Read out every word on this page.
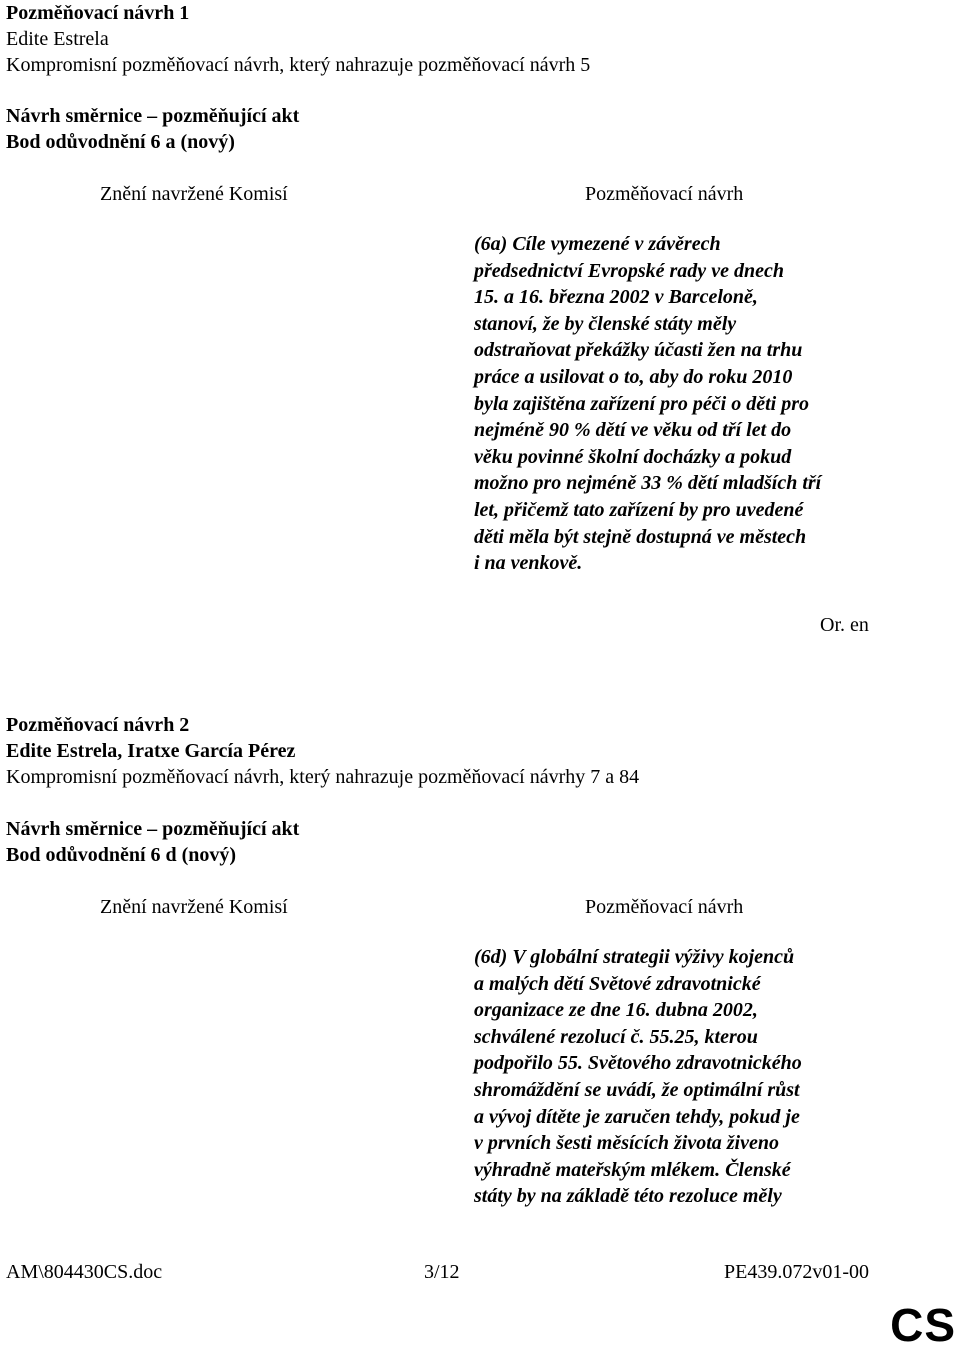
Pozměňovací návrh 1
Edite Estrela
Kompromisní pozměňovací návrh, který nahrazuje pozměňovací návrh 5
Návrh směrnice – pozměňující akt
Bod odůvodnění 6 a (nový)
Znění navržené Komisí	Pozměňovací návrh
(6a) Cíle vymezené v závěrech
předsednictví Evropské rady ve dnech
15. a 16. března 2002 v Barceloně,
stanoví, že by členské státy měly
odstraňovat překážky účasti žen na trhu
práce a usilovat o to, aby do roku 2010
byla zajištěna zařízení pro péči o děti pro
nejméně 90 % dětí ve věku od tří let do
věku povinné školní docházky a pokud
možno pro nejméně 33 % dětí mladších tří
let, přičemž tato zařízení by pro uvedené
děti měla být stejně dostupná ve městech
i na venkově.
Or. en
Pozměňovací návrh 2
Edite Estrela, Iratxe García Pérez
Kompromisní pozměňovací návrh, který nahrazuje pozměňovací návrhy 7 a 84
Návrh směrnice – pozměňující akt
Bod odůvodnění 6 d (nový)
Znění navržené Komisí	Pozměňovací návrh
(6d) V globální strategii výživy kojenců
a malých dětí Světové zdravotnické
organizace ze dne 16. dubna 2002,
schválené rezolucí č. 55.25, kterou
podpořilo 55. Světového zdravotnického
shromáždění se uvádí, že optimální růst
a vývoj dítěte je zaručen tehdy, pokud je
v prvních šesti měsících života živeno
výhradně mateřským mlékem. Členské
státy by na základě této rezoluce měly
AM\804430CS.doc	3/12	PE439.072v01-00
CS
